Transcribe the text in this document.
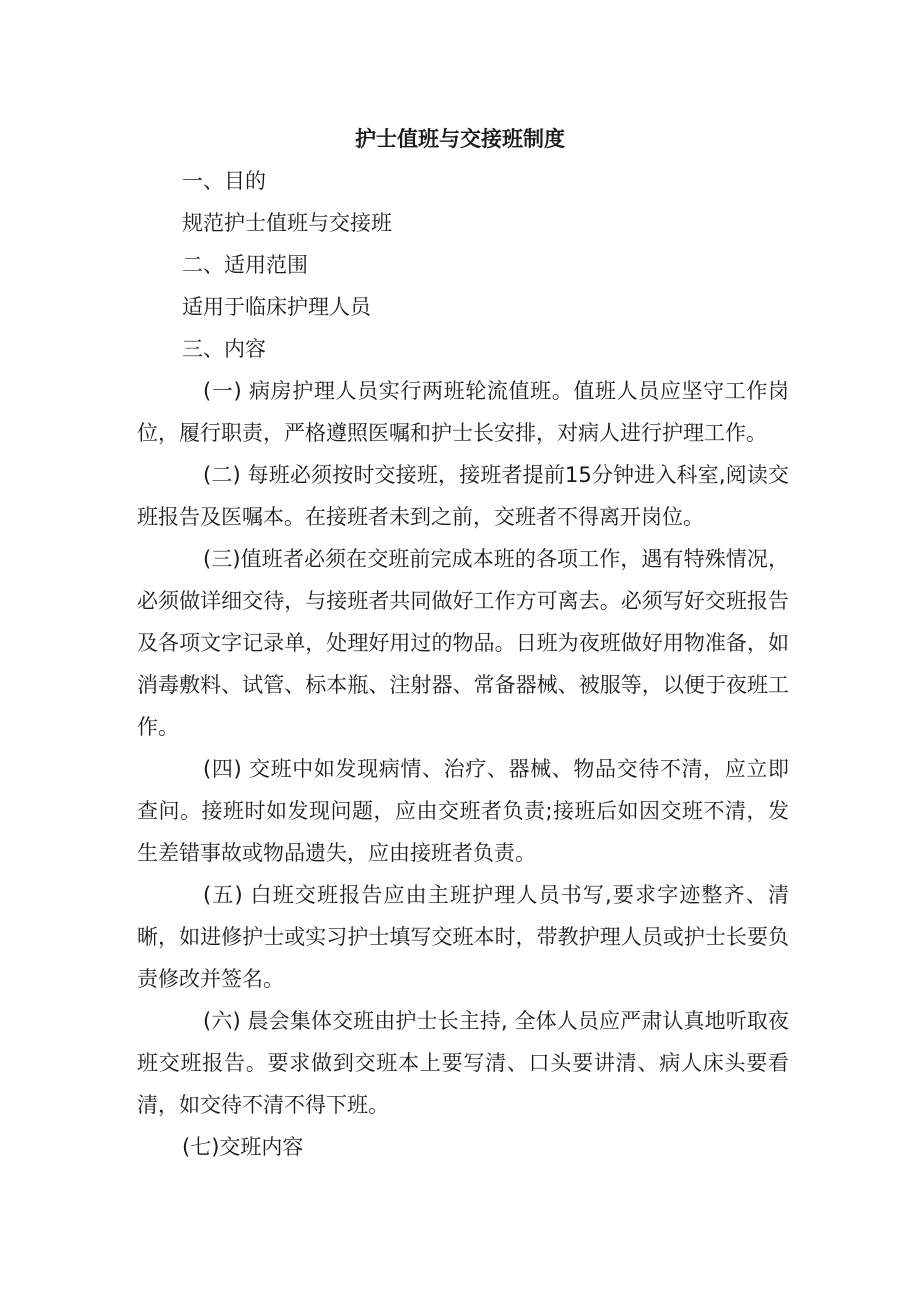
护士值班与交接班制度
一、目的
规范护士值班与交接班
二、适用范围
适用于临床护理人员
三、内容
(一) 病房护理人员实行两班轮流值班。值班人员应坚守工作岗位，履行职责，严格遵照医嘱和护士长安排，对病人进行护理工作。
(二) 每班必须按时交接班，接班者提前15分钟进入科室,阅读交班报告及医嘱本。在接班者未到之前，交班者不得离开岗位。
(三)值班者必须在交班前完成本班的各项工作，遇有特殊情况，必须做详细交待，与接班者共同做好工作方可离去。必须写好交班报告及各项文字记录单，处理好用过的物品。日班为夜班做好用物准备，如消毒敷料、试管、标本瓶、注射器、常备器械、被服等，以便于夜班工作。
(四) 交班中如发现病情、治疗、器械、物品交待不清，应立即查问。接班时如发现问题，应由交班者负责;接班后如因交班不清，发生差错事故或物品遗失，应由接班者负责。
(五) 白班交班报告应由主班护理人员书写,要求字迹整齐、清晰，如进修护士或实习护士填写交班本时，带教护理人员或护士长要负责修改并签名。
(六) 晨会集体交班由护士长主持, 全体人员应严肃认真地听取夜班交班报告。要求做到交班本上要写清、口头要讲清、病人床头要看清，如交待不清不得下班。
(七)交班内容
